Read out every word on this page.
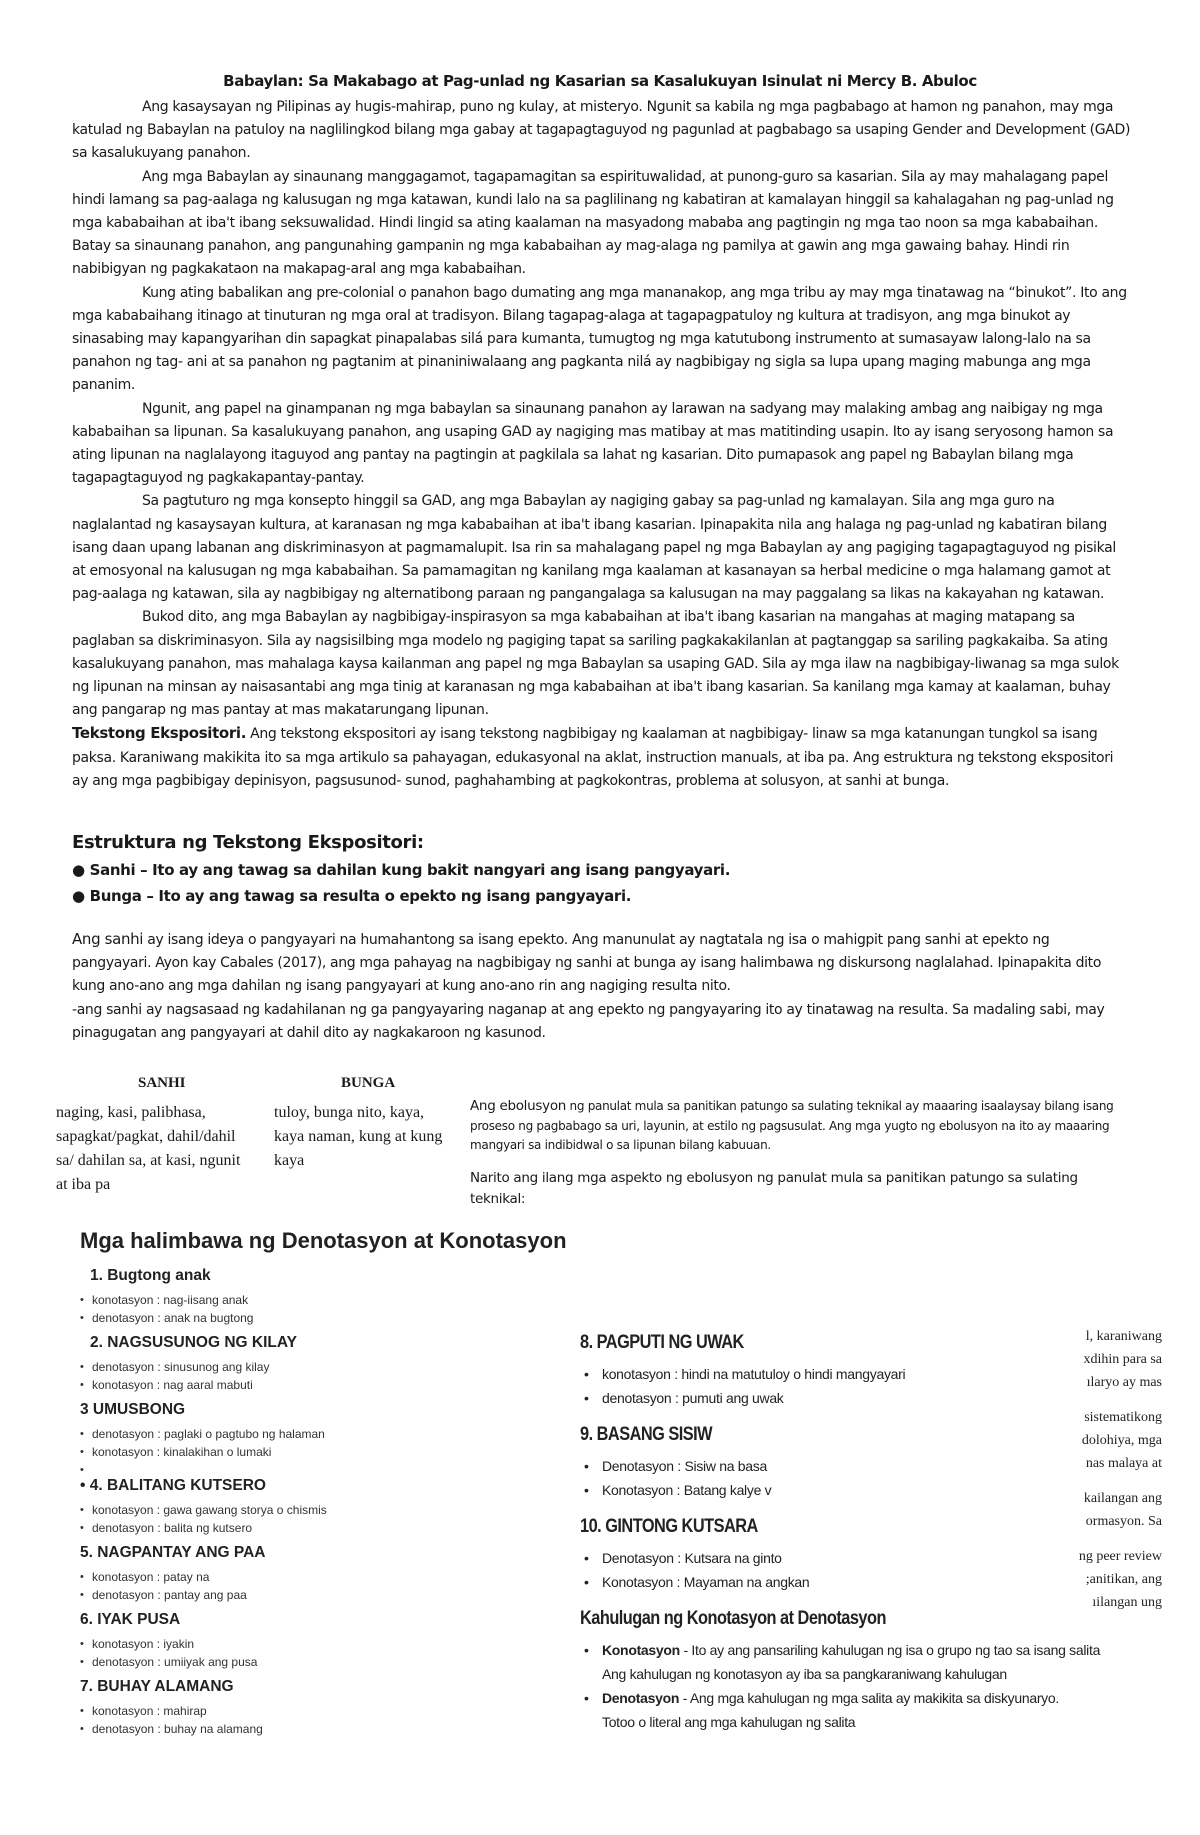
Babaylan: Sa Makabago at Pag-unlad ng Kasarian sa Kasalukuyan Isinulat ni Mercy B. Abuloc

Ang kasaysayan ng Pilipinas ay hugis-mahirap, puno ng kulay, at misteryo. Ngunit sa kabila ng mga pagbabago at hamon ng panahon, may mga katulad ng Babaylan na patuloy na naglilingkod bilang mga gabay at tagapagtaguyod ng pagunlad at pagbabago sa usaping Gender and Development (GAD) sa kasalukuyang panahon.

Ang mga Babaylan ay sinaunang manggagamot, tagapamagitan sa espirituwalidad, at punong-guro sa kasarian. Sila ay may mahalagang papel hindi lamang sa pag-aalaga ng kalusugan ng mga katawan, kundi lalo na sa paglilinang ng kabatiran at kamalayan hinggil sa kahalagahan ng pag-unlad ng mga kababaihan at iba't ibang seksuwalidad. Hindi lingid sa ating kaalaman na masyadong mababa ang pagtingin ng mga tao noon sa mga kababaihan. Batay sa sinaunang panahon, ang pangunahing gampanin ng mga kababaihan ay mag-alaga ng pamilya at gawin ang mga gawaing bahay. Hindi rin nabibigyan ng pagkakataon na makapag-aral ang mga kababaihan.

Kung ating babalikan ang pre-colonial o panahon bago dumating ang mga mananakop, ang mga tribu ay may mga tinatawag na “binukot”. Ito ang mga kababaihang itinago at tinuturan ng mga oral at tradisyon. Bilang tagapag-alaga at tagapagpatuloy ng kultura at tradisyon, ang mga binukot ay sinasabing may kapangyarihan din sapagkat pinapalabas silá para kumanta, tumugtog ng mga katutubong instrumento at sumasayaw lalong-lalo na sa panahon ng tag- ani at sa panahon ng pagtanim at pinaniniwalaang ang pagkanta nilá ay nagbibigay ng sigla sa lupa upang maging mabunga ang mga pananim.

Ngunit, ang papel na ginampanan ng mga babaylan sa sinaunang panahon ay larawan na sadyang may malaking ambag ang naibigay ng mga kababaihan sa lipunan. Sa kasalukuyang panahon, ang usaping GAD ay nagiging mas matibay at mas matitinding usapin. Ito ay isang seryosong hamon sa ating lipunan na naglalayong itaguyod ang pantay na pagtingin at pagkilala sa lahat ng kasarian. Dito pumapasok ang papel ng Babaylan bilang mga tagapagtaguyod ng pagkakapantay-pantay.

Sa pagtuturo ng mga konsepto hinggil sa GAD, ang mga Babaylan ay nagiging gabay sa pag-unlad ng kamalayan. Sila ang mga guro na naglalantad ng kasaysayan kultura, at karanasan ng mga kababaihan at iba't ibang kasarian. Ipinapakita nila ang halaga ng pag-unlad ng kabatiran bilang isang daan upang labanan ang diskriminasyon at pagmamalupit. Isa rin sa mahalagang papel ng mga Babaylan ay ang pagiging tagapagtaguyod ng pisikal at emosyonal na kalusugan ng mga kababaihan. Sa pamamagitan ng kanilang mga kaalaman at kasanayan sa herbal medicine o mga halamang gamot at pag-aalaga ng katawan, sila ay nagbibigay ng alternatibong paraan ng pangangalaga sa kalusugan na may paggalang sa likas na kakayahan ng katawan.

Bukod dito, ang mga Babaylan ay nagbibigay-inspirasyon sa mga kababaihan at iba't ibang kasarian na mangahas at maging matapang sa paglaban sa diskriminasyon. Sila ay nagsisilbing mga modelo ng pagiging tapat sa sariling pagkakakilanlan at pagtanggap sa sariling pagkakaiba. Sa ating kasalukuyang panahon, mas mahalaga kaysa kailanman ang papel ng mga Babaylan sa usaping GAD. Sila ay mga ilaw na nagbibigay-liwanag sa mga sulok ng lipunan na minsan ay naisasantabi ang mga tinig at karanasan ng mga kababaihan at iba't ibang kasarian. Sa kanilang mga kamay at kaalaman, buhay ang pangarap ng mas pantay at mas makatarungang lipunan.

Tekstong Ekspositori. Ang tekstong ekspositori ay isang tekstong nagbibigay ng kaalaman at nagbibigay- linaw sa mga katanungan tungkol sa isang paksa. Karaniwang makikita ito sa mga artikulo sa pahayagan, edukasyonal na aklat, instruction manuals, at iba pa. Ang estruktura ng tekstong ekspositori ay ang mga pagbibigay depinisyon, pagsusunod- sunod, paghahambing at pagkokontras, problema at solusyon, at sanhi at bunga.

Estruktura ng Tekstong Ekspositori:
● Sanhi – Ito ay ang tawag sa dahilan kung bakit nangyari ang isang pangyayari.
● Bunga – Ito ay ang tawag sa resulta o epekto ng isang pangyayari.
Ang sanhi ay isang ideya o pangyayari na humahantong sa isang epekto. Ang manunulat ay nagtatala ng isa o mahigpit pang sanhi at epekto ng pangyayari. Ayon kay Cabales (2017), ang mga pahayag na nagbibigay ng sanhi at bunga ay isang halimbawa ng diskursong naglalahad. Ipinapakita dito kung ano-ano ang mga dahilan ng isang pangyayari at kung ano-ano rin ang nagiging resulta nito.
-ang sanhi ay nagsasaad ng kadahilanan ng ga pangyayaring naganap at ang epekto ng pangyayaring ito ay tinatawag na resulta. Sa madaling sabi, may pinagugatan ang pangyayari at dahil dito ay nagkakaroon ng kasunod.
SANHI	BUNGA
naging, kasi, palibhasa,
sapagkat/pagkat, dahil/dahil
sa/ dahilan sa, at kasi, ngunit
at iba pa
tuloy, bunga nito, kaya,
kaya naman, kung at kung
kaya
Ang ebolusyon ng panulat mula sa panitikan patungo sa sulating teknikal ay maaaring isaalaysay bilang isang proseso ng pagbabago sa uri, layunin, at estilo ng pagsusulat. Ang mga yugto ng ebolusyon na ito ay maaaring mangyari sa indibidwal o sa lipunan bilang kabuuan.
Narito ang ilang mga aspekto ng ebolusyon ng panulat mula sa panitikan patungo sa sulating teknikal:
Mga halimbawa ng Denotasyon at Konotasyon
1. Bugtong anak
• konotasyon : nag-iisang anak
• denotasyon : anak na bugtong
2. NAGSUSUNOG NG KILAY
• denotasyon : sinusunog ang kilay
• konotasyon : nag aaral mabuti
3 UMUSBONG
• denotasyon : paglaki o pagtubo ng halaman
• konotasyon : kinalakihan o lumaki
•
• 4. BALITANG KUTSERO
• konotasyon : gawa gawang storya o chismis
• denotasyon : balita ng kutsero
5. NAGPANTAY ANG PAA
• konotasyon : patay na
• denotasyon : pantay ang paa
6. IYAK PUSA
• konotasyon : iyakin
• denotasyon : umiiyak ang pusa
7. BUHAY ALAMANG
• konotasyon : mahirap
• denotasyon : buhay na alamang
8. PAGPUTI NG UWAK
• konotasyon : hindi na matutuloy o hindi mangyayari
• denotasyon : pumuti ang uwak
9. BASANG SISIW
• Denotasyon : Sisiw na basa
• Konotasyon : Batang kalye v
10. GINTONG KUTSARA
• Denotasyon : Kutsara na ginto
• Konotasyon : Mayaman na angkan
Kahulugan ng Konotasyon at Denotasyon
• Konotasyon - Ito ay ang pansariling kahulugan ng isa o grupo ng tao sa isang salita Ang kahulugan ng konotasyon ay iba sa pangkaraniwang kahulugan
• Denotasyon - Ang mga kahulugan ng mga salita ay makikita sa diskyunaryo.
Totoo o literal ang mga kahulugan ng salita
l, karaniwang
xdihin para sa
ılaryo ay mas
sistematikong
dolohiya, mga
nas malaya at
kailangan ang
ormasyon. Sa
ng peer review
;anitikan, ang
ıilangan ung
